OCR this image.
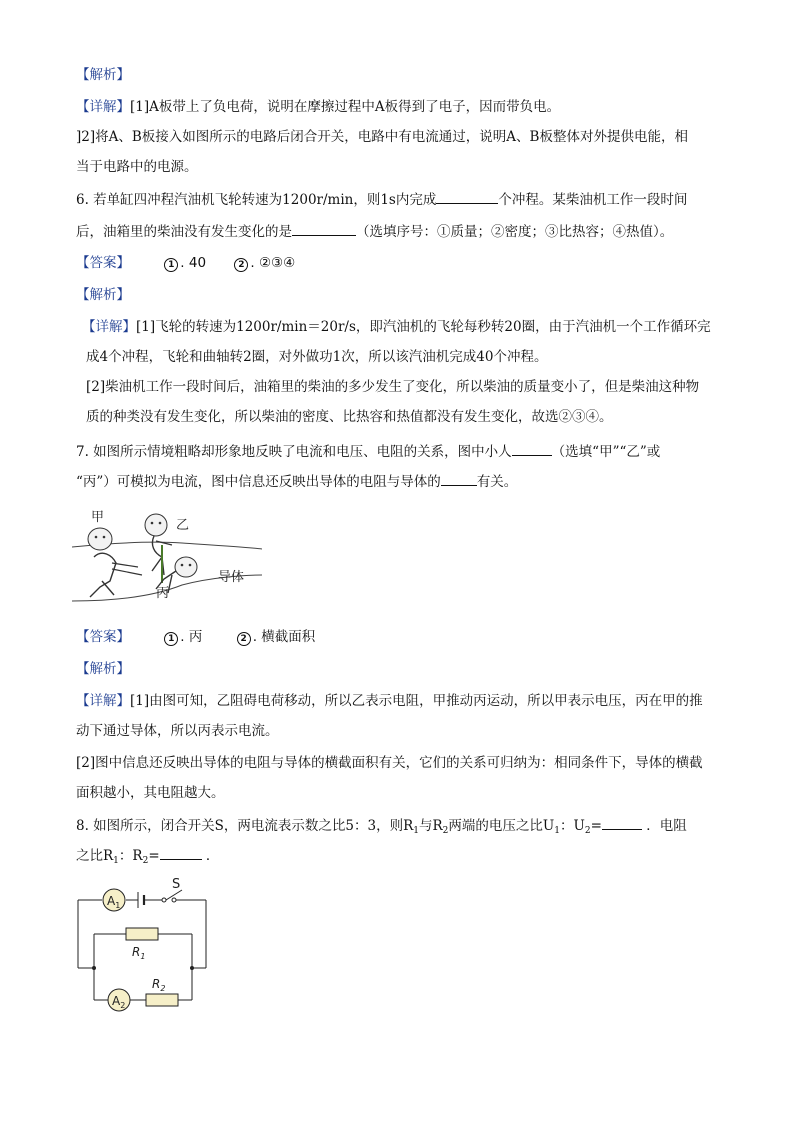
【解析】
【详解】[1]A板带上了负电荷，说明在摩擦过程中A板得到了电子，因而带负电。
]2]将A、B板接入如图所示的电路后闭合开关，电路中有电流通过，说明A、B板整体对外提供电能，相
当于电路中的电源。
6. 若单缸四冲程汽油机飞轮转速为1200r/min，则1s内完成	个冲程。某柴油机工作一段时间
后，油箱里的柴油没有发生变化的是	（选填序号：①质量；②密度；③比热容；④热值）。
【答案】	1 . 40	2 . ②③④
【解析】
【详解】[1]飞轮的转速为1200r/min＝20r/s，即汽油机的飞轮每秒转20圈，由于汽油机一个工作循环完
成4个冲程，飞轮和曲轴转2圈，对外做功1次，所以该汽油机完成40个冲程。
[2]柴油机工作一段时间后，油箱里的柴油的多少发生了变化，所以柴油的质量变小了，但是柴油这种物
质的种类没有发生变化，所以柴油的密度、比热容和热值都没有发生变化，故选②③④。
7. 如图所示情境粗略却形象地反映了电流和电压、电阻的关系，图中小人	（选填“甲”“乙”或
“丙”）可模拟为电流，图中信息还反映出导体的电阻与导体的	有关。
甲
乙
丙
导体
【答案】	1 . 丙	2 . 横截面积
【解析】
【详解】[1]由图可知，乙阻碍电荷移动，所以乙表示电阻，甲推动丙运动，所以甲表示电压，丙在甲的推
动下通过导体，所以丙表示电流。
[2]图中信息还反映出导体的电阻与导体的横截面积有关，它们的关系可归纳为：相同条件下，导体的横截
面积越小，其电阻越大。
8. 如图所示，闭合开关S，两电流表示数之比5：3，则$R_1$与$R_2$两端的电压之比$U_1$：$U_2=$	．电阻
之比$R_1$：$R_2=$	．
$A_1$
S
$R_1$
$A_2$
$R_2$
